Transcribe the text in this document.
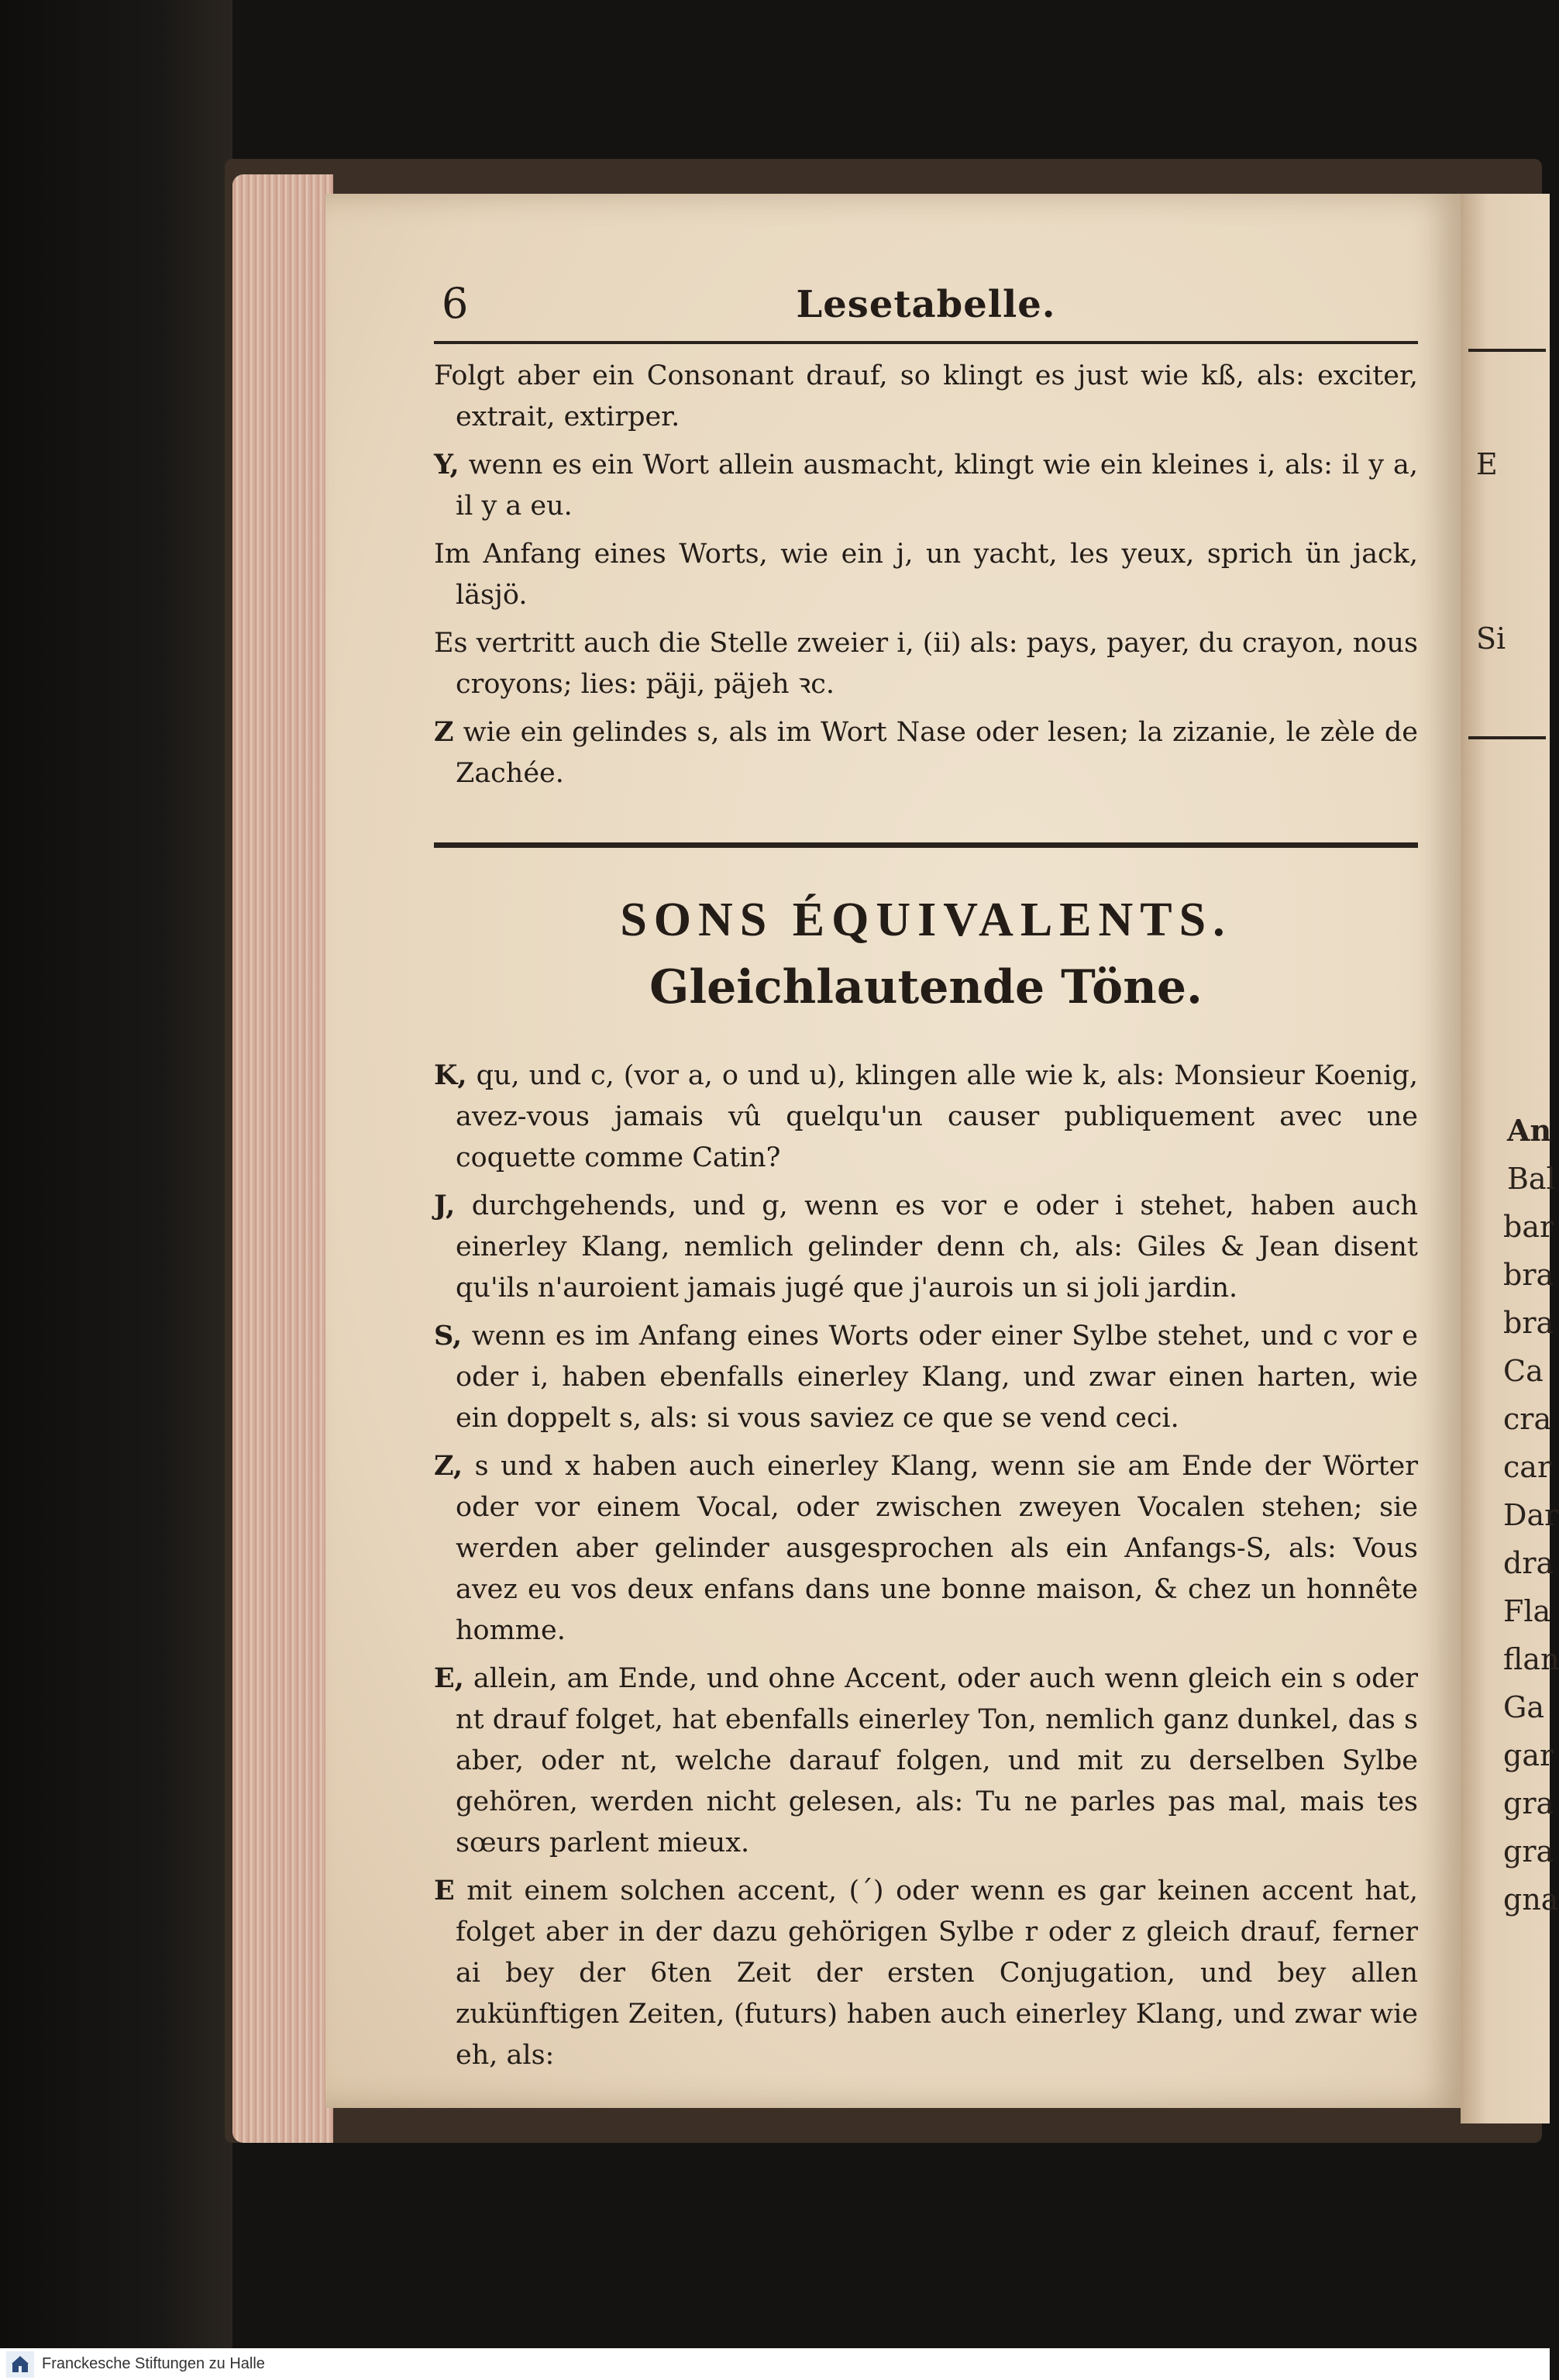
E
Si
An
Bal
bar
bra
bra
Ca
cra
car
Dar
dra
Fla
flan
Ga
gar
gra
gra
gna
6	Lesetabelle.

Folgt aber ein Consonant drauf, so klingt es just wie kß, als: exciter, extrait, extirper.

Y, wenn es ein Wort allein ausmacht, klingt wie ein kleines i, als: il y a, il y a eu.

Im Anfang eines Worts, wie ein j, un yacht, les yeux, sprich ün jack, läsjö.

Es vertritt auch die Stelle zweier i, (ii) als: pays, payer, du crayon, nous croyons; lies: päji, päjeh ꝛc.

Z wie ein gelindes s, als im Wort Nase oder lesen; la zizanie, le zèle de Zachée.

SONS ÉQUIVALENTS.
Gleichlautende Töne.

K, qu, und c, (vor a, o und u), klingen alle wie k, als: Monsieur Koenig, avez-vous jamais vû quelqu'un causer publiquement avec une coquette comme Catin?

J, durchgehends, und g, wenn es vor e oder i stehet, haben auch einerley Klang, nemlich gelinder denn ch, als: Giles & Jean disent qu'ils n'auroient jamais jugé que j'aurois un si joli jardin.

S, wenn es im Anfang eines Worts oder einer Sylbe stehet, und c vor e oder i, haben ebenfalls einerley Klang, und zwar einen harten, wie ein doppelt s, als: si vous saviez ce que se vend ceci.

Z, s und x haben auch einerley Klang, wenn sie am Ende der Wörter oder vor einem Vocal, oder zwischen zweyen Vocalen stehen; sie werden aber gelinder ausgesprochen als ein Anfangs-S, als: Vous avez eu vos deux enfans dans une bonne maison, & chez un honnête homme.

E, allein, am Ende, und ohne Accent, oder auch wenn gleich ein s oder nt drauf folget, hat ebenfalls einerley Ton, nemlich ganz dunkel, das s aber, oder nt, welche darauf folgen, und mit zu derselben Sylbe gehören, werden nicht gelesen, als: Tu ne parles pas mal, mais tes sœurs parlent mieux.

E mit einem solchen accent, (´) oder wenn es gar keinen accent hat, folget aber in der dazu gehörigen Sylbe r oder z gleich drauf, ferner ai bey der 6ten Zeit der ersten Conjugation, und bey allen zukünftigen Zeiten, (futurs) haben auch einerley Klang, und zwar wie eh, als:

Franckesche Stiftungen zu Halle
